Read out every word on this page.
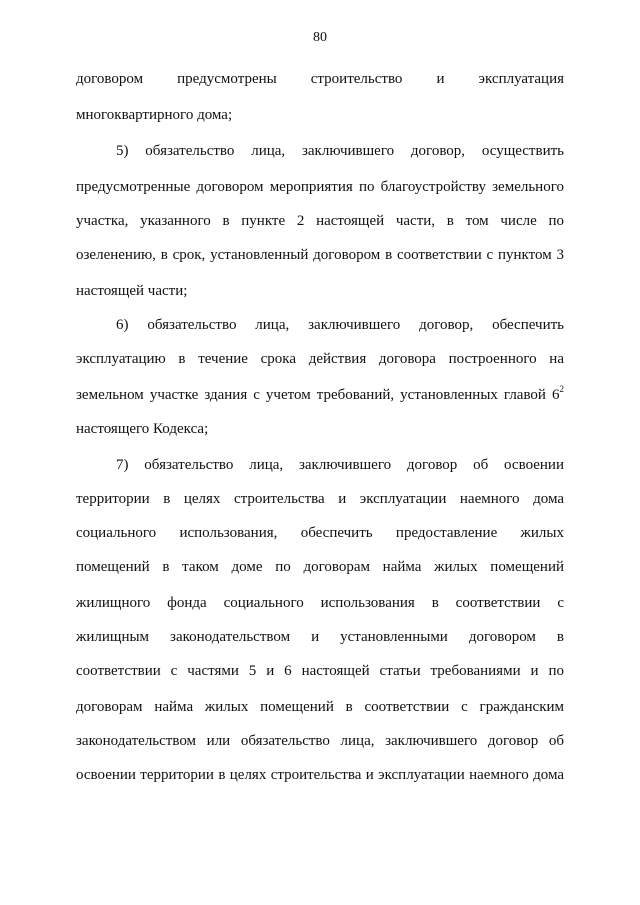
80
договором предусмотрены строительство и эксплуатация
многоквартирного дома;
5) обязательство лица, заключившего договор, осуществить
предусмотренные договором мероприятия по благоустройству земельного
участка, указанного в пункте 2 настоящей части, в том числе по
озеленению, в срок, установленный договором в соответствии с пунктом 3
настоящей части;
6) обязательство лица, заключившего договор, обеспечить
эксплуатацию в течение срока действия договора построенного на
земельном участке здания с учетом требований, установленных главой $6^2$
настоящего Кодекса;
7) обязательство лица, заключившего договор об освоении
территории в целях строительства и эксплуатации наемного дома
социального использования, обеспечить предоставление жилых
помещений в таком доме по договорам найма жилых помещений
жилищного фонда социального использования в соответствии с
жилищным законодательством и установленными договором в
соответствии с частями 5 и 6 настоящей статьи требованиями и по
договорам найма жилых помещений в соответствии с гражданским
законодательством или обязательство лица, заключившего договор об
освоении территории в целях строительства и эксплуатации наемного дома
